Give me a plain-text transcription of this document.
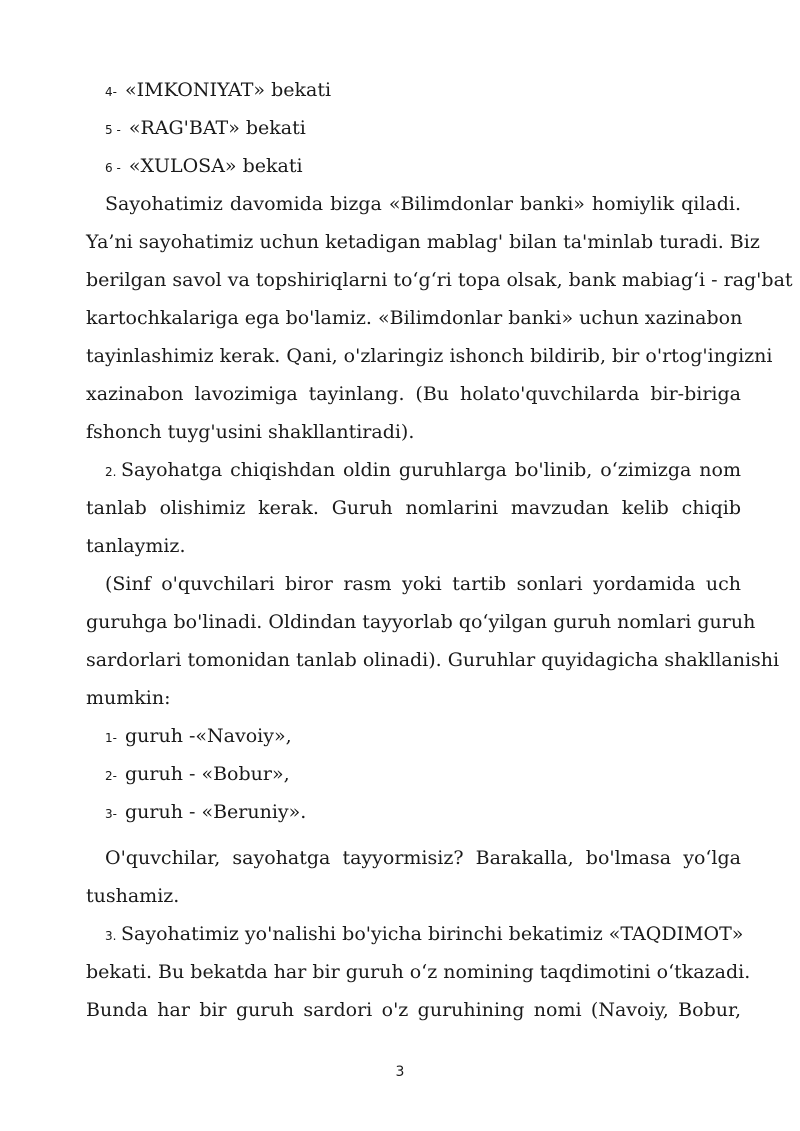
4- «IMKONIYAT» bekati
5 - «RAG'BAT» bekati
6 - «XULOSA» bekati
Sayohatimiz davomida bizga «Bilimdonlar banki» homiylik qiladi.
Ya’ni sayohatimiz uchun ketadigan mablag' bilan ta'minlab turadi. Biz
berilgan savol va topshiriqlarni to‘g‘ri topa olsak, bank mabiag‘i - rag'bat
kartochkalariga ega bo'lamiz. «Bilimdonlar banki» uchun xazinabon
tayinlashimiz kerak. Qani, o'zlaringiz ishonch bildirib, bir o'rtog'ingizni
xazinabon lavozimiga tayinlang. (Bu holato'quvchilarda bir-biriga
fshonch tuyg'usini shakllantiradi).
2. Sayohatga chiqishdan oldin guruhlarga bo'linib, o‘zimizga nom
tanlab olishimiz kerak. Guruh nomlarini mavzudan kelib chiqib
tanlaymiz.
(Sinf o'quvchilari biror rasm yoki tartib sonlari yordamida uch
guruhga bo'linadi. Oldindan tayyorlab qo‘yilgan guruh nomlari guruh
sardorlari tomonidan tanlab olinadi). Guruhlar quyidagicha shakllanishi
mumkin:
1- guruh -«Navoiy»,
2- guruh - «Bobur»,
3- guruh - «Beruniy».
O'quvchilar, sayohatga tayyormisiz? Barakalla, bo'lmasa yo‘lga
tushamiz.
3. Sayohatimiz yo'nalishi bo'yicha birinchi bekatimiz «TAQDIMOT»
bekati. Bu bekatda har bir guruh o‘z nomining taqdimotini o‘tkazadi.
Bunda har bir guruh sardori o'z guruhining nomi (Navoiy, Bobur,
3
